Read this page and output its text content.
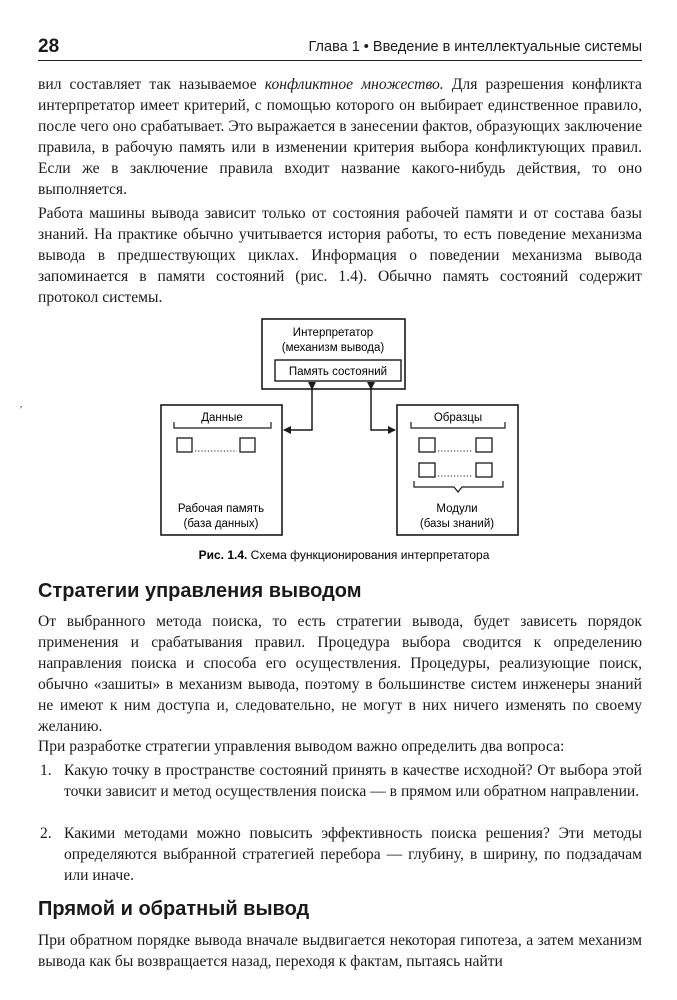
28	Глава 1 • Введение в интеллектуальные системы

вил составляет так называемое конфликтное множество. Для разрешения конфликта интерпретатор имеет критерий, с помощью которого он выбирает единственное правило, после чего оно срабатывает. Это выражается в занесении фактов, образующих заключение правила, в рабочую память или в изменении критерия выбора конфликтующих правил. Если же в заключение правила входит название какого-нибудь действия, то оно выполняется.

Работа машины вывода зависит только от состояния рабочей памяти и от состава базы знаний. На практике обычно учитывается история работы, то есть поведение механизма вывода в предшествующих циклах. Информация о поведении механизма вывода запоминается в памяти состояний (рис. 1.4). Обычно память состояний содержит протокол системы.

′
Интерпретатор
(механизм вывода)
Память состояний
Данные
Рабочая память
(база данных)
Образцы
Модули
(базы знаний)
Рис. 1.4. Схема функционирования интерпретатора
Стратегии управления выводом

От выбранного метода поиска, то есть стратегии вывода, будет зависеть порядок применения и срабатывания правил. Процедура выбора сводится к определению направления поиска и способа его осуществления. Процедуры, реализующие поиск, обычно «зашиты» в механизм вывода, поэтому в большинстве систем инженеры знаний не имеют к ним доступа и, следовательно, не могут в них ничего изменять по своему желанию.

При разработке стратегии управления выводом важно определить два вопроса:

1. Какую точку в пространстве состояний принять в качестве исходной? От выбора этой точки зависит и метод осуществления поиска — в прямом или обратном направлении.

2. Какими методами можно повысить эффективность поиска решения? Эти методы определяются выбранной стратегией перебора — глубину, в ширину, по подзадачам или иначе.

Прямой и обратный вывод

При обратном порядке вывода вначале выдвигается некоторая гипотеза, а затем механизм вывода как бы возвращается назад, переходя к фактам, пытаясь найти
